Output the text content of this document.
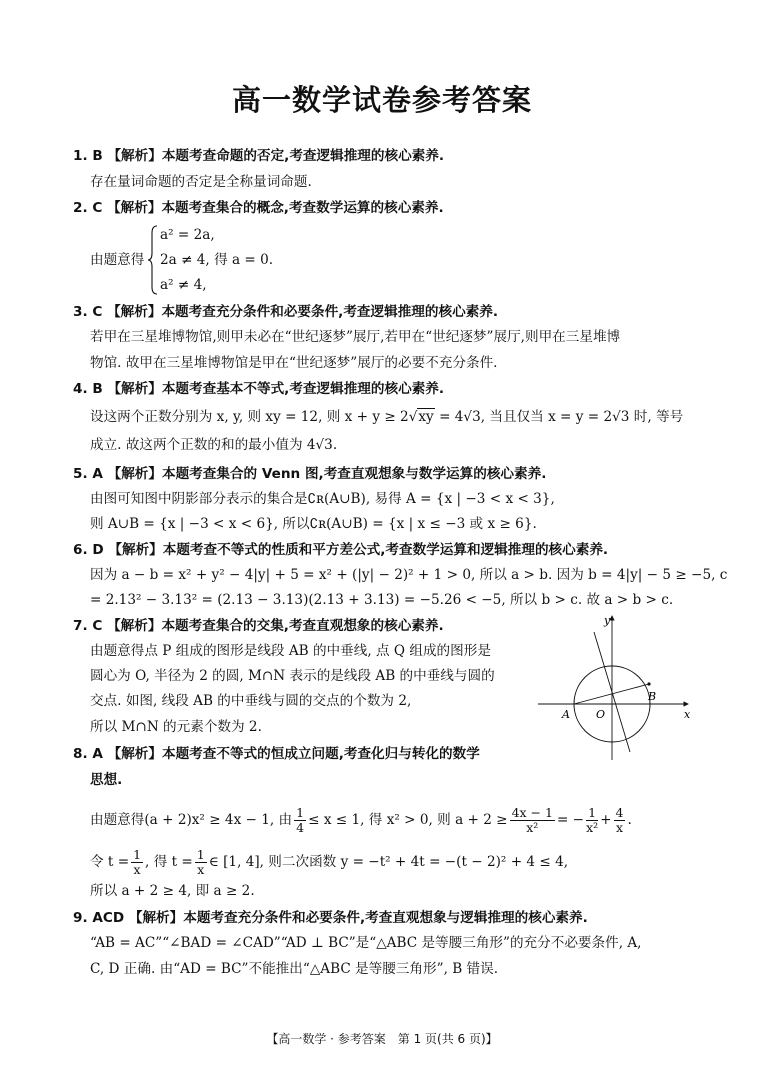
高一数学试卷参考答案
1. B 【解析】本题考查命题的否定,考查逻辑推理的核心素养.
存在量词命题的否定是全称量词命题.
2. C 【解析】本题考查集合的概念,考查数学运算的核心素养.
由题意得
a² = 2a,
2a ≠ 4, 得 a = 0.
a² ≠ 4,
3. C 【解析】本题考查充分条件和必要条件,考查逻辑推理的核心素养.
若甲在三星堆博物馆,则甲未必在“世纪逐梦”展厅,若甲在“世纪逐梦”展厅,则甲在三星堆博
物馆. 故甲在三星堆博物馆是甲在“世纪逐梦”展厅的必要不充分条件.
4. B 【解析】本题考查基本不等式,考查逻辑推理的核心素养.
设这两个正数分别为 x, y, 则 xy = 12, 则 x + y ≥ 2√xy = 4√3, 当且仅当 x = y = 2√3 时, 等号
成立. 故这两个正数的和的最小值为 4√3.
5. A 【解析】本题考查集合的 Venn 图,考查直观想象与数学运算的核心素养.
由图可知图中阴影部分表示的集合是∁ʀ(A∪B), 易得 A = {x | −3 < x < 3},
则 A∪B = {x | −3 < x < 6}, 所以∁ʀ(A∪B) = {x | x ≤ −3 或 x ≥ 6}.
6. D 【解析】本题考查不等式的性质和平方差公式,考查数学运算和逻辑推理的核心素养.
因为 a − b = x² + y² − 4|y| + 5 = x² + (|y| − 2)² + 1 > 0, 所以 a > b. 因为 b = 4|y| − 5 ≥ −5, c
= 2.13² − 3.13² = (2.13 − 3.13)(2.13 + 3.13) = −5.26 < −5, 所以 b > c. 故 a > b > c.
7. C 【解析】本题考查集合的交集,考查直观想象的核心素养.
由题意得点 P 组成的图形是线段 AB 的中垂线, 点 Q 组成的图形是
圆心为 O, 半径为 2 的圆, M∩N 表示的是线段 AB 的中垂线与圆的
交点. 如图, 线段 AB 的中垂线与圆的交点的个数为 2,
所以 M∩N 的元素个数为 2.
y
x
A O
B
8. A 【解析】本题考查不等式的恒成立问题,考查化归与转化的数学
思想.
由题意得(a + 2)x² ≥ 4x − 1, 由 $\frac{1}{4} \le x \le 1$, 得 x² > 0, 则 $a + 2 \ge \frac{4x - 1}{\text{x²}}$ = − $\frac{1}{\text{x²}} + \frac{4}{x}$ .
令 $t = \frac{1}{x}$ , 得 $t = \frac{1}{x}$ ∈ [1, 4], 则二次函数 y = −t² + 4t = −(t − 2)² + 4 ≤ 4,
所以 a + 2 ≥ 4, 即 a ≥ 2.
9. ACD 【解析】本题考查充分条件和必要条件,考查直观想象与逻辑推理的核心素养.
“AB = AC”“∠BAD = ∠CAD”“AD ⊥ BC”是“△ABC 是等腰三角形”的充分不必要条件, A,
C, D 正确. 由“AD = BC”不能推出“△ABC 是等腰三角形”, B 错误.
【高一数学 · 参考答案　第 1 页(共 6 页)】
